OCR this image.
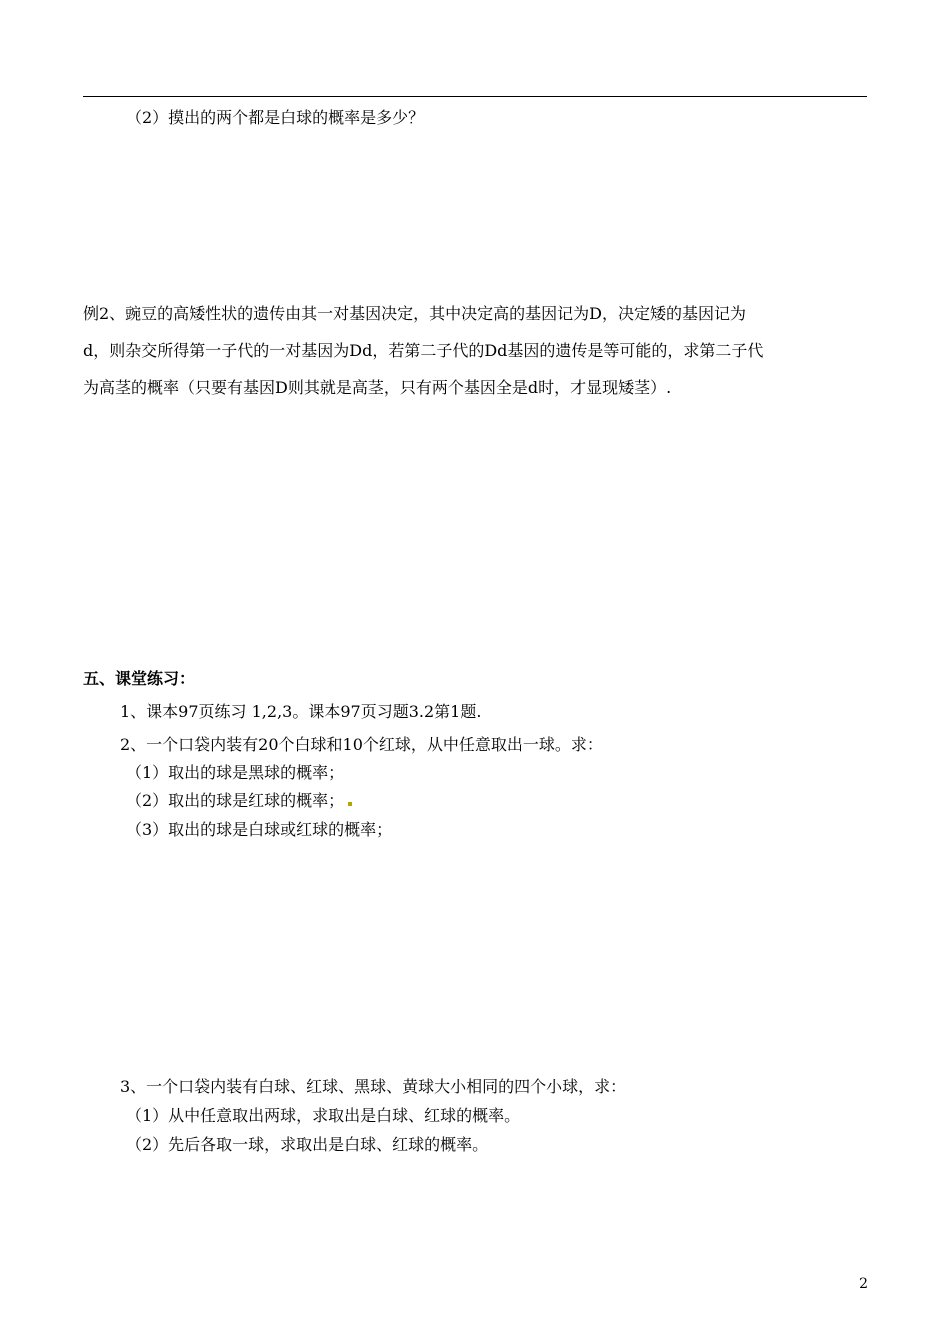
（2）摸出的两个都是白球的概率是多少？
例2、豌豆的高矮性状的遗传由其一对基因决定，其中决定高的基因记为D，决定矮的基因记为
d，则杂交所得第一子代的一对基因为Dd，若第二子代的Dd基因的遗传是等可能的，求第二子代
为高茎的概率（只要有基因D则其就是高茎，只有两个基因全是d时，才显现矮茎）.
五、课堂练习：
1、课本97页练习 1,2,3。课本97页习题3.2第1题.
2、一个口袋内装有20个白球和10个红球，从中任意取出一球。求：
（1）取出的球是黑球的概率；
（2）取出的球是红球的概率；
（3）取出的球是白球或红球的概率；
3、一个口袋内装有白球、红球、黑球、黄球大小相同的四个小球，求：
（1）从中任意取出两球，求取出是白球、红球的概率。
（2）先后各取一球，求取出是白球、红球的概率。
2
